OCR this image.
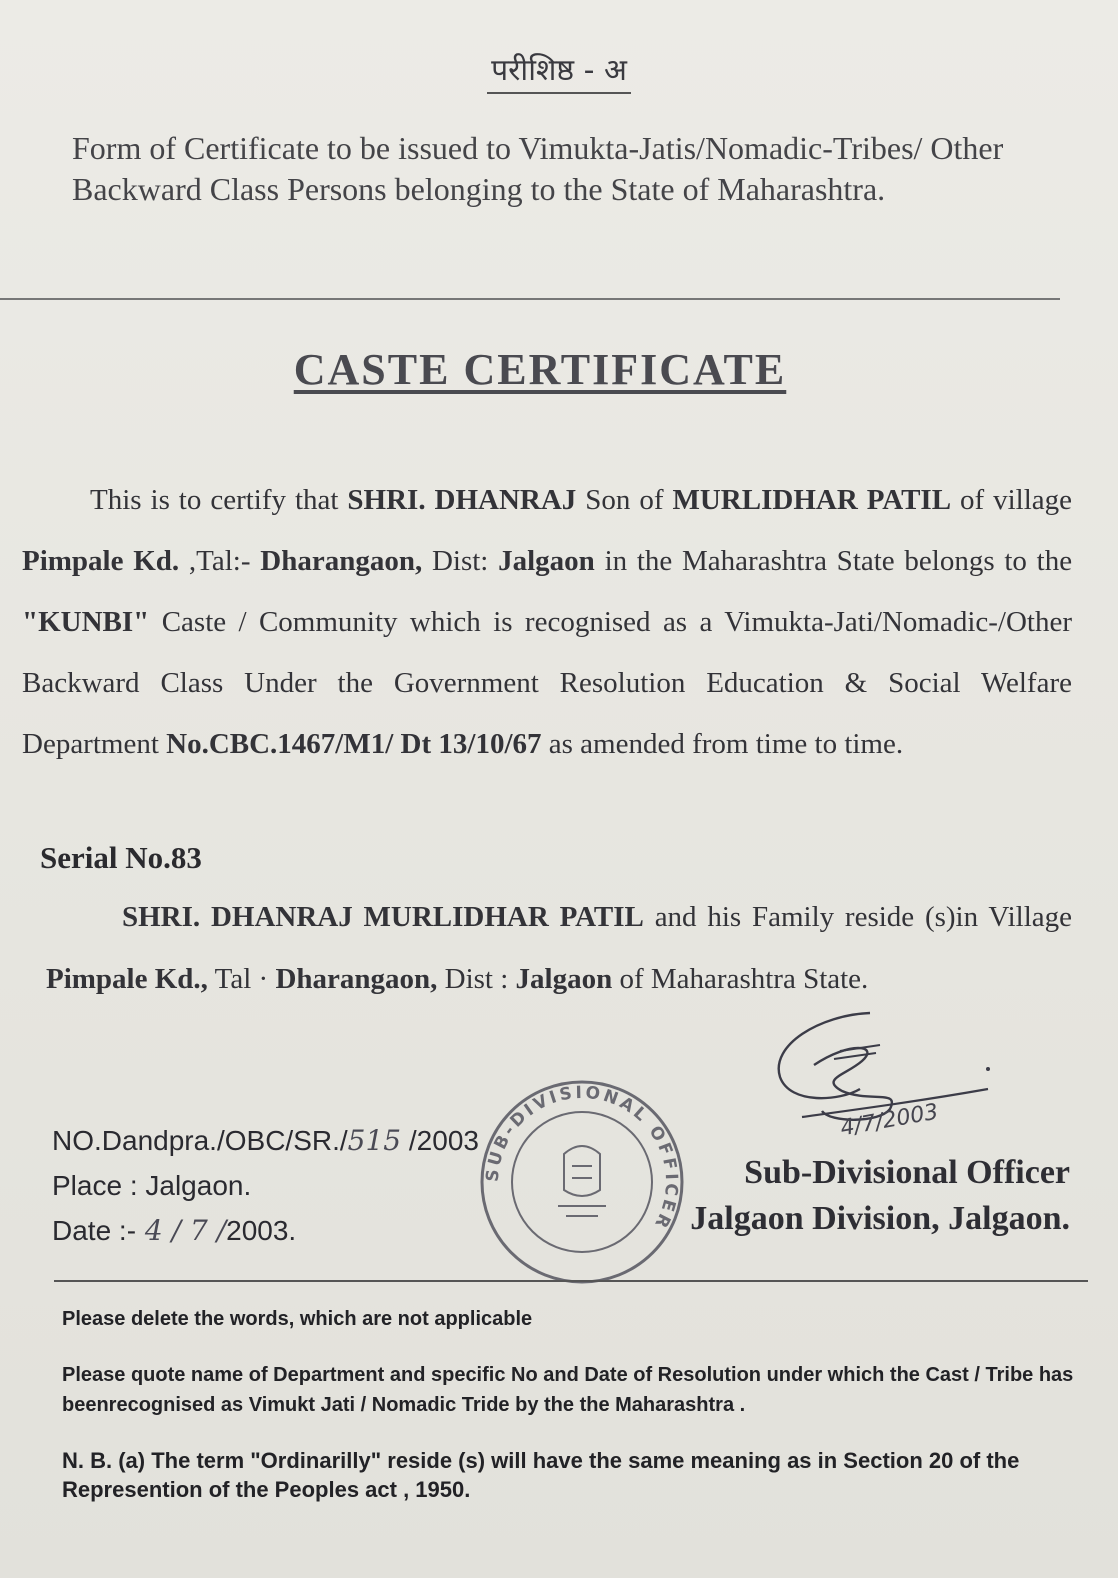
परीशिष्ठ - अ
Form of Certificate to be issued to Vimukta-Jatis/Nomadic-Tribes/ Other Backward Class Persons belonging to the State of Maharashtra.
CASTE CERTIFICATE
This is to certify that SHRI. DHANRAJ Son of MURLIDHAR PATIL of village Pimpale Kd. ,Tal:- Dharangaon, Dist: Jalgaon in the Maharashtra State belongs to the "KUNBI" Caste / Community which is recognised as a Vimukta-Jati/Nomadic-/Other Backward Class Under the Government Resolution Education & Social Welfare Department No.CBC.1467/M1/ Dt 13/10/67 as amended from time to time.
Serial No.83
SHRI. DHANRAJ MURLIDHAR PATIL and his Family reside (s)in Village Pimpale Kd., Tal · Dharangaon, Dist : Jalgaon of Maharashtra State.
NO.Dandpra./OBC/SR./515 /2003
Place : Jalgaon.
Date :- 4 / 7 /2003.
SUB-DIVISIONAL OFFICER
4/7/2003
Sub-Divisional Officer
Jalgaon Division, Jalgaon.

Please delete the words, which are not applicable

Please quote name of Department and specific No and Date of Resolution under which the Cast / Tribe has beenrecognised as Vimukt Jati / Nomadic Tride by the the Maharashtra .

N. B. (a) The term "Ordinarilly" reside (s) will have the same meaning as in Section 20 of the Represention of the Peoples act , 1950.
